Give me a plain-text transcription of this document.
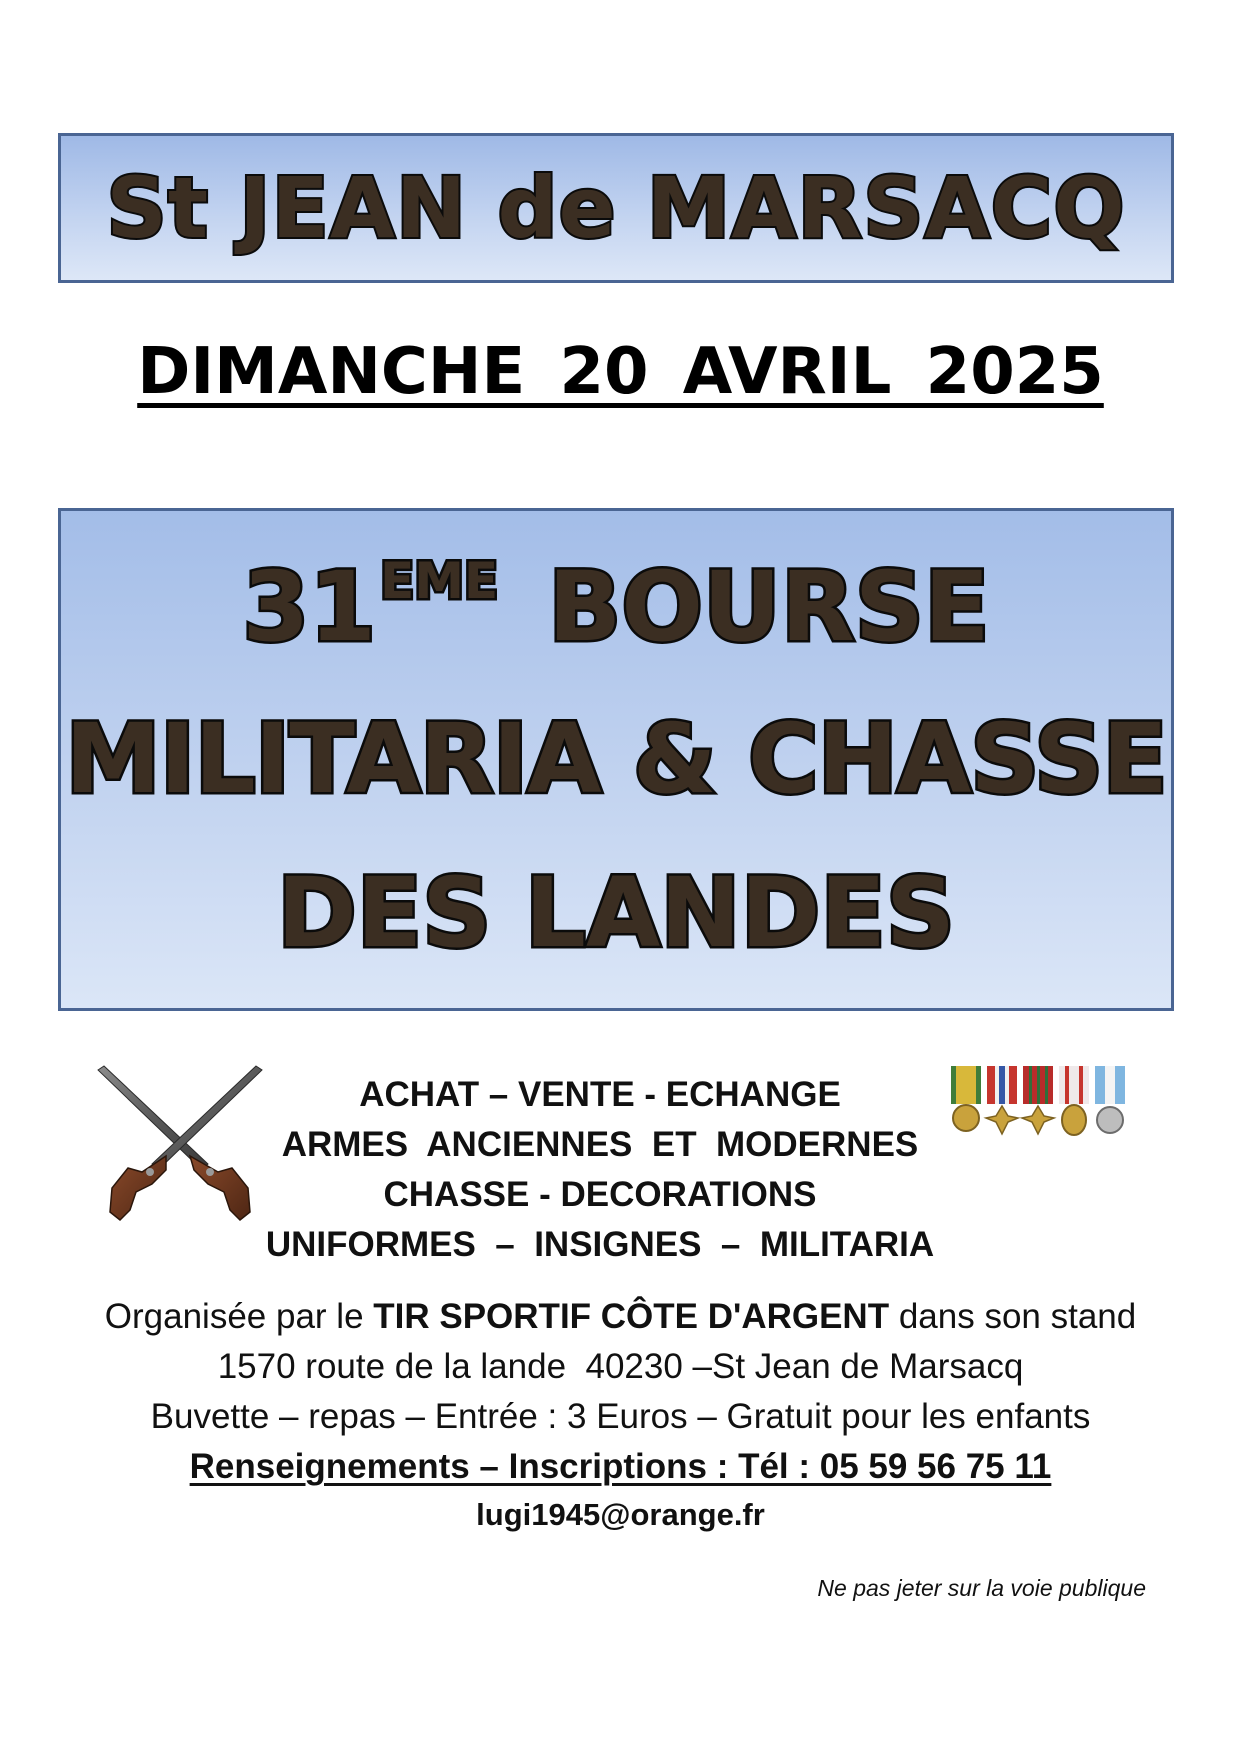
St JEAN de MARSACQ
DIMANCHE 20 AVRIL 2025
31EME BOURSE
MILITARIA & CHASSE
DES LANDES
ACHAT – VENTE - ECHANGE
ARMES  ANCIENNES  ET  MODERNES
CHASSE - DECORATIONS
UNIFORMES  –  INSIGNES  –  MILITARIA
Organisée par le TIR SPORTIF CÔTE D'ARGENT dans son stand
1570 route de la lande  40230 –St Jean de Marsacq
Buvette – repas – Entrée : 3 Euros – Gratuit pour les enfants
Renseignements – Inscriptions : Tél : 05 59 56 75 11
lugi1945@orange.fr
Ne pas jeter sur la voie publique
